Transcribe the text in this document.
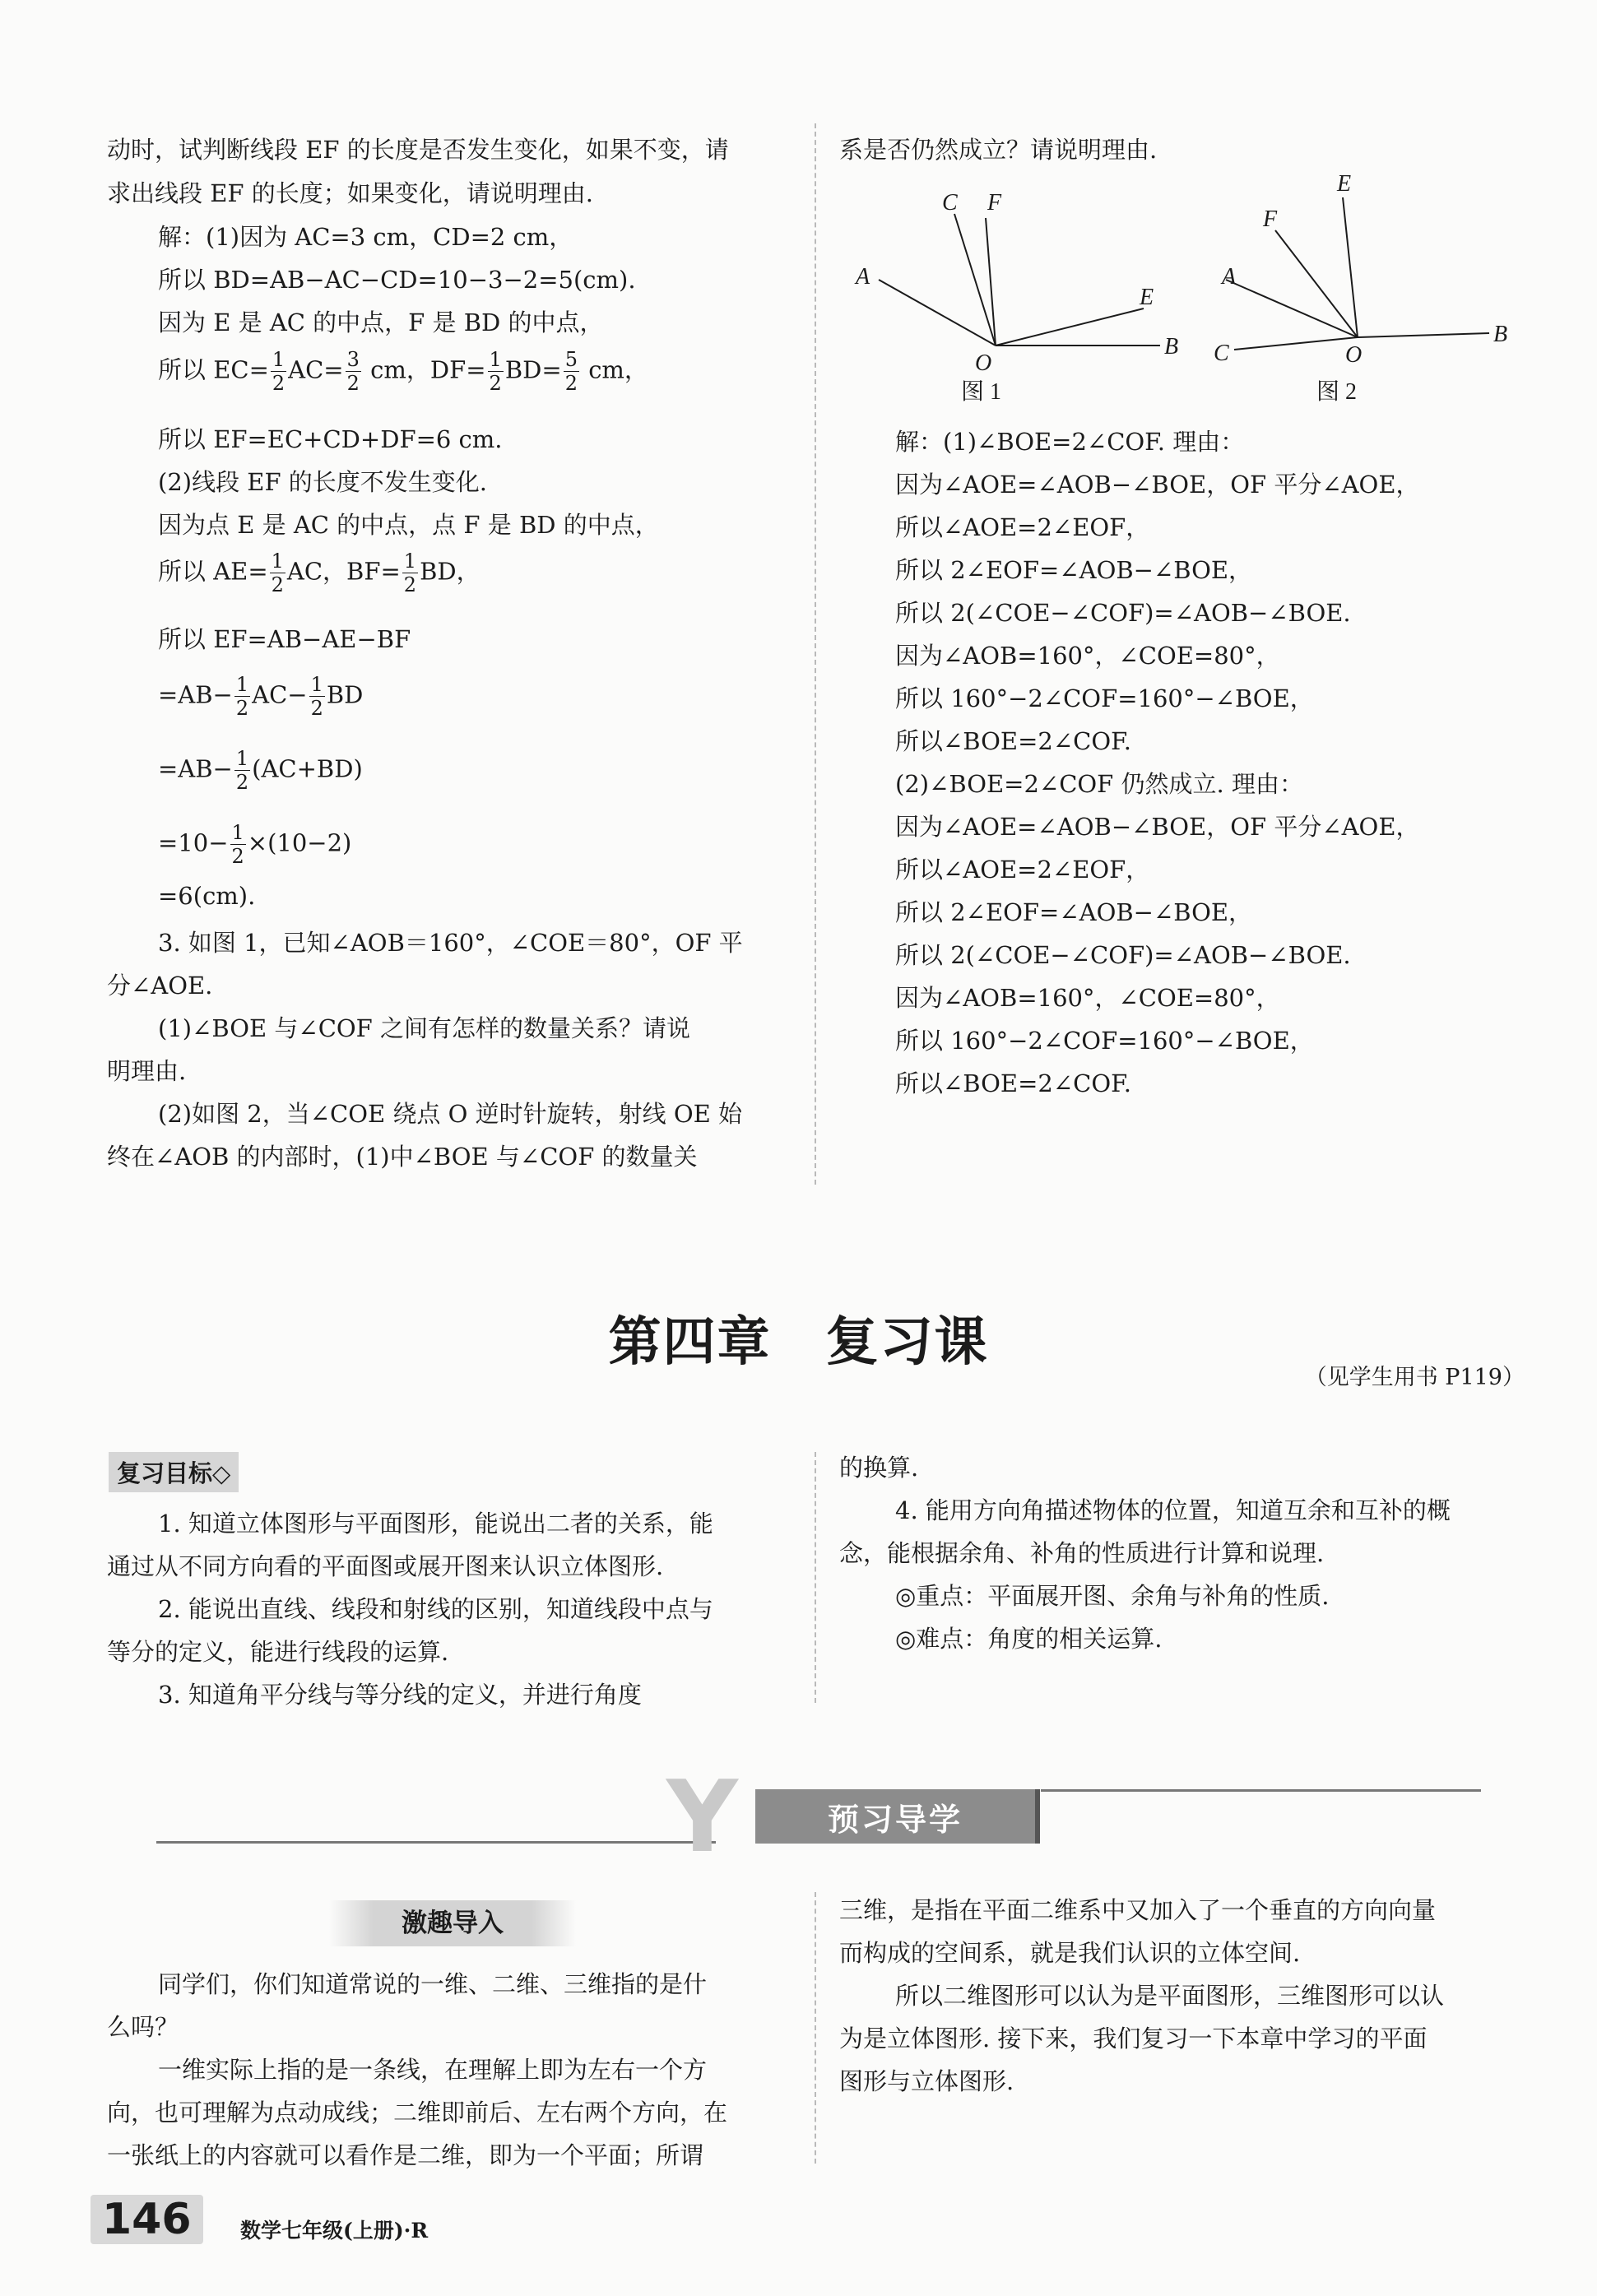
动时，试判断线段 EF 的长度是否发生变化，如果不变，请
求出线段 EF 的长度；如果变化，请说明理由.
解：(1)因为 AC=3 cm，CD=2 cm，
所以 BD=AB−AC−CD=10−3−2=5(cm).
因为 E 是 AC 的中点，F 是 BD 的中点，
所以 $EC= \frac{1}{2} AC= \frac{3}{2}$ cm，$DF= \frac{1}{2} BD= \frac{5}{2}$ cm，
所以 EF=EC+CD+DF=6 cm.
(2)线段 EF 的长度不发生变化.
因为点 E 是 AC 的中点，点 F 是 BD 的中点，
所以 $AE= \frac{1}{2}$ AC，$BF= \frac{1}{2}$ BD，
所以 EF=AB−AE−BF
$=AB- \frac{1}{2} AC- \frac{1}{2}$ BD
$=AB- \frac{1}{2} (AC+BD)$
$=10- \frac{1}{2} \times(10-2)$
=6(cm).
3. 如图 1，已知∠AOB＝160°，∠COE＝80°，OF 平
分∠AOE.
(1)∠BOE 与∠COF 之间有怎样的数量关系？请说
明理由.
(2)如图 2，当∠COE 绕点 O 逆时针旋转，射线 OE 始
终在∠AOB 的内部时，(1)中∠BOE 与∠COF 的数量关
系是否仍然成立？请说明理由.
A
C F
E
B
O
图 1
A
F
E
C	O
B
图 2
解：(1)∠BOE=2∠COF. 理由：
因为∠AOE=∠AOB−∠BOE，OF 平分∠AOE，
所以∠AOE=2∠EOF，
所以 2∠EOF=∠AOB−∠BOE，
所以 2(∠COE−∠COF)=∠AOB−∠BOE.
因为∠AOB=160°，∠COE=80°，
所以 160°−2∠COF=160°−∠BOE，
所以∠BOE=2∠COF.
(2)∠BOE=2∠COF 仍然成立. 理由：
因为∠AOE=∠AOB−∠BOE，OF 平分∠AOE，
所以∠AOE=2∠EOF，
所以 2∠EOF=∠AOB−∠BOE，
所以 2(∠COE−∠COF)=∠AOB−∠BOE.
因为∠AOB=160°，∠COE=80°，
所以 160°−2∠COF=160°−∠BOE，
所以∠BOE=2∠COF.
第四章　复习课
（见学生用书 P119）
复习目标◇
1. 知道立体图形与平面图形，能说出二者的关系，能
通过从不同方向看的平面图或展开图来认识立体图形.
2. 能说出直线、线段和射线的区别，知道线段中点与
等分的定义，能进行线段的运算.
3. 知道角平分线与等分线的定义，并进行角度
的换算.
4. 能用方向角描述物体的位置，知道互余和互补的概
念，能根据余角、补角的性质进行计算和说理.
◎重点：平面展开图、余角与补角的性质.
◎难点：角度的相关运算.
Y	预习导学
激趣导入
同学们，你们知道常说的一维、二维、三维指的是什
么吗？
一维实际上指的是一条线，在理解上即为左右一个方
向，也可理解为点动成线；二维即前后、左右两个方向，在
一张纸上的内容就可以看作是二维，即为一个平面；所谓
三维，是指在平面二维系中又加入了一个垂直的方向向量
而构成的空间系，就是我们认识的立体空间.
所以二维图形可以认为是平面图形，三维图形可以认
为是立体图形. 接下来，我们复习一下本章中学习的平面
图形与立体图形.
146	数学七年级(上册)·R
